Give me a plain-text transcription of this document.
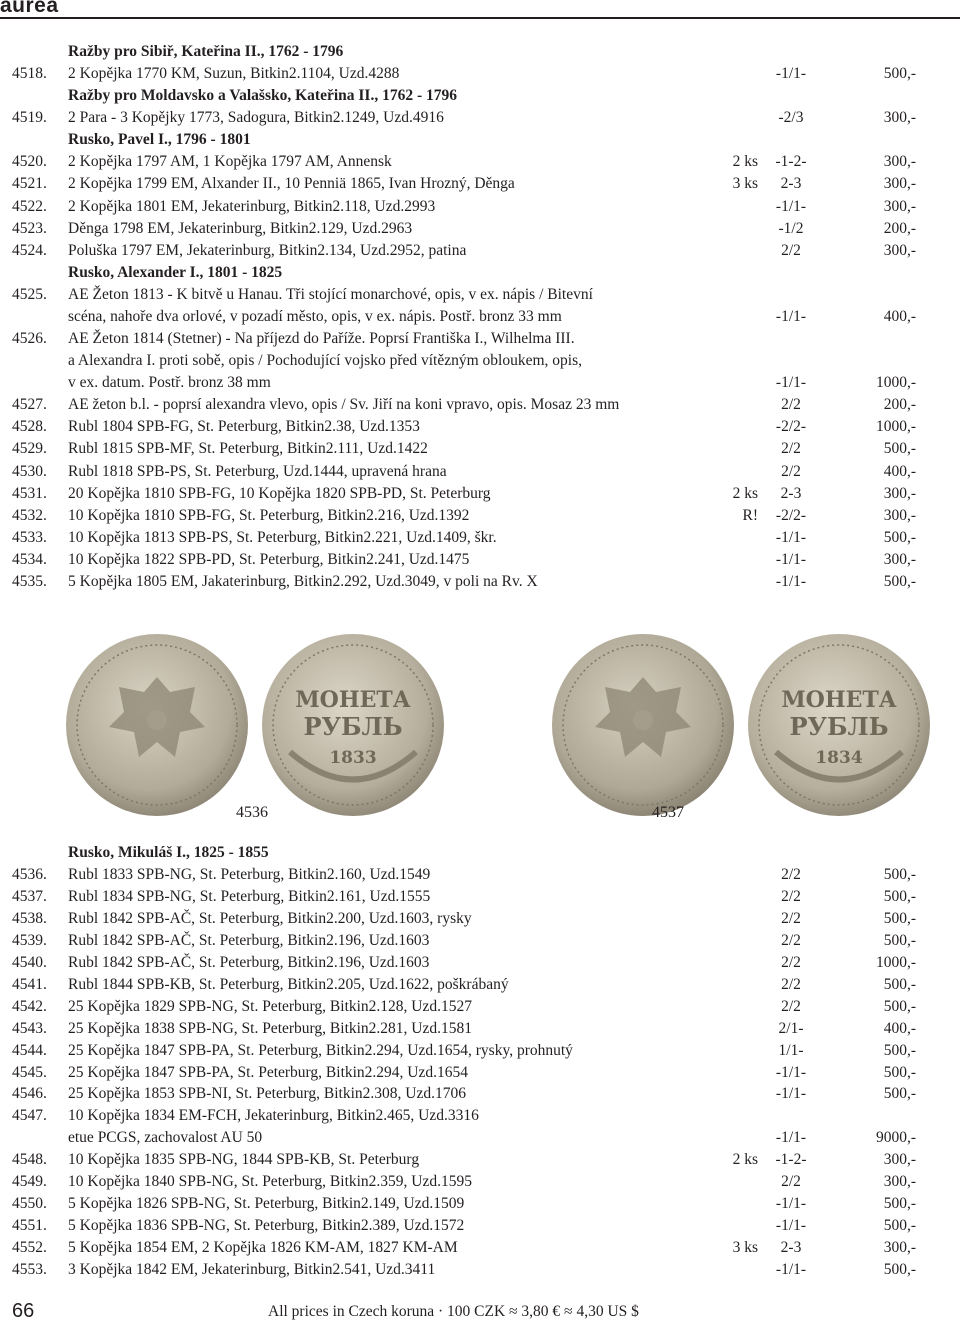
aurea
Ražby pro Sibiř, Kateřina II., 1762 - 1796
4518.	2 Kopějka 1770 KM, Suzun, Bitkin2.1104, Uzd.4288	-1/1-	500,-
Ražby pro Moldavsko a Valašsko, Kateřina II., 1762 - 1796
4519.	2 Para - 3 Kopějky 1773, Sadogura, Bitkin2.1249, Uzd.4916	-2/3	300,-
Rusko, Pavel I., 1796 - 1801
4520.	2 Kopějka 1797 AM, 1 Kopějka 1797 AM, Annensk	2 ks	-1-2-	300,-
4521.	2 Kopějka 1799 EM, Alxander II., 10 Penniä 1865, Ivan Hrozný, Děnga	3 ks	2-3	300,-
4522.	2 Kopějka 1801 EM, Jekaterinburg, Bitkin2.118, Uzd.2993	-1/1-	300,-
4523.	Děnga 1798 EM, Jekaterinburg, Bitkin2.129, Uzd.2963	-1/2	200,-
4524.	Poluška 1797 EM, Jekaterinburg, Bitkin2.134, Uzd.2952, patina	2/2	300,-
Rusko, Alexander I., 1801 - 1825
4525.	AE Žeton 1813 - K bitvě u Hanau. Tři stojící monarchové, opis, v ex. nápis / Bitevní
scéna, nahoře dva orlové, v pozadí město, opis, v ex. nápis. Postř. bronz 33 mm	-1/1-	400,-
4526.	AE Žeton 1814 (Stetner) - Na příjezd do Paříže. Poprsí Františka I., Wilhelma III.
a Alexandra I. proti sobě, opis / Pochodující vojsko před vítězným obloukem, opis,
v ex. datum. Postř. bronz 38 mm	-1/1-	1000,-
4527.	AE žeton b.l. - poprsí alexandra vlevo, opis / Sv. Jiří na koni vpravo, opis. Mosaz 23 mm	2/2	200,-
4528.	Rubl 1804 SPB-FG, St. Peterburg, Bitkin2.38, Uzd.1353	-2/2-	1000,-
4529.	Rubl 1815 SPB-MF, St. Peterburg, Bitkin2.111, Uzd.1422	2/2	500,-
4530.	Rubl 1818 SPB-PS, St. Peterburg, Uzd.1444, upravená hrana	2/2	400,-
4531.	20 Kopějka 1810 SPB-FG, 10 Kopějka 1820 SPB-PD, St. Peterburg	2 ks	2-3	300,-
4532.	10 Kopějka 1810 SPB-FG, St. Peterburg, Bitkin2.216, Uzd.1392	R!	-2/2-	300,-
4533.	10 Kopějka 1813 SPB-PS, St. Peterburg, Bitkin2.221, Uzd.1409, škr.	-1/1-	500,-
4534.	10 Kopějka 1822 SPB-PD, St. Peterburg, Bitkin2.241, Uzd.1475	-1/1-	300,-
4535.	5 Kopějka 1805 EM, Jakaterinburg, Bitkin2.292, Uzd.3049, v poli na Rv. X	-1/1-	500,-
МОНЕТА
РУБЛЬ
1833
МОНЕТА
РУБЛЬ
1834
4536	4537
Rusko, Mikuláš I., 1825 - 1855
4536.	Rubl 1833 SPB-NG, St. Peterburg, Bitkin2.160, Uzd.1549	2/2	500,-
4537.	Rubl 1834 SPB-NG, St. Peterburg, Bitkin2.161, Uzd.1555	2/2	500,-
4538.	Rubl 1842 SPB-AČ, St. Peterburg, Bitkin2.200, Uzd.1603, rysky	2/2	500,-
4539.	Rubl 1842 SPB-AČ, St. Peterburg, Bitkin2.196, Uzd.1603	2/2	500,-
4540.	Rubl 1842 SPB-AČ, St. Peterburg, Bitkin2.196, Uzd.1603	2/2	1000,-
4541.	Rubl 1844 SPB-KB, St. Peterburg, Bitkin2.205, Uzd.1622, poškrábaný	2/2	500,-
4542.	25 Kopějka 1829 SPB-NG, St. Peterburg, Bitkin2.128, Uzd.1527	2/2	500,-
4543.	25 Kopějka 1838 SPB-NG, St. Peterburg, Bitkin2.281, Uzd.1581	2/1-	400,-
4544.	25 Kopějka 1847 SPB-PA, St. Peterburg, Bitkin2.294, Uzd.1654, rysky, prohnutý	1/1-	500,-
4545.	25 Kopějka 1847 SPB-PA, St. Peterburg, Bitkin2.294, Uzd.1654	-1/1-	500,-
4546.	25 Kopějka 1853 SPB-NI, St. Peterburg, Bitkin2.308, Uzd.1706	-1/1-	500,-
4547.	10 Kopějka 1834 EM-FCH, Jekaterinburg, Bitkin2.465, Uzd.3316
etue PCGS, zachovalost AU 50	-1/1-	9000,-
4548.	10 Kopějka 1835 SPB-NG, 1844 SPB-KB, St. Peterburg	2 ks	-1-2-	300,-
4549.	10 Kopějka 1840 SPB-NG, St. Peterburg, Bitkin2.359, Uzd.1595	2/2	300,-
4550.	5 Kopějka 1826 SPB-NG, St. Peterburg, Bitkin2.149, Uzd.1509	-1/1-	500,-
4551.	5 Kopějka 1836 SPB-NG, St. Peterburg, Bitkin2.389, Uzd.1572	-1/1-	500,-
4552.	5 Kopějka 1854 EM, 2 Kopějka 1826 KM-AM, 1827 KM-AM	3 ks	2-3	300,-
4553.	3 Kopějka 1842 EM, Jekaterinburg, Bitkin2.541, Uzd.3411	-1/1-	500,-
66	All prices in Czech koruna · 100 CZK ≈ 3,80 € ≈ 4,30 US $
